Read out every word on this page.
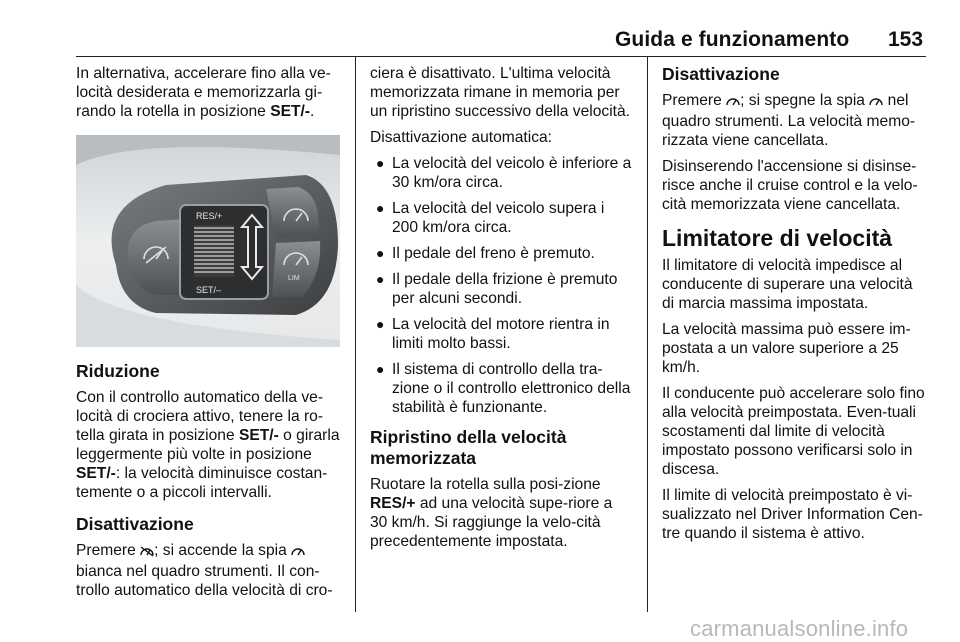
Guida e funzionamento 153

In alternativa, accelerare fino alla ve-locità desiderata e memorizzarla gi-rando la rotella in posizione SET/-.

RES/+
SET/–
LIM
Riduzione

Con il controllo automatico della ve-locità di crociera attivo, tenere la ro-tella girata in posizione SET/- o girarla leggermente più volte in posizione SET/-: la velocità diminuisce costan-temente o a piccoli intervalli.

Disattivazione

Premere ; si accende la spia  bianca nel quadro strumenti. Il con-trollo automatico della velocità di cro-

ciera è disattivato. L'ultima velocità memorizzata rimane in memoria per un ripristino successivo della velocità.

Disattivazione automatica:

● La velocità del veicolo è inferiore a 30 km/ora circa.
● La velocità del veicolo supera i 200 km/ora circa.
● Il pedale del freno è premuto.
● Il pedale della frizione è premuto per alcuni secondi.
● La velocità del motore rientra in limiti molto bassi.
● Il sistema di controllo della tra-zione o il controllo elettronico della stabilità è funzionante.
Ripristino della velocità memorizzata

Ruotare la rotella sulla posi-zione RES/+ ad una velocità supe-riore a 30 km/h. Si raggiunge la velo-cità precedentemente impostata.

Disattivazione

Premere ; si spegne la spia  nel quadro strumenti. La velocità memo-rizzata viene cancellata.

Disinserendo l'accensione si disinse-risce anche il cruise control e la velo-cità memorizzata viene cancellata.

Limitatore di velocità

Il limitatore di velocità impedisce al conducente di superare una velocità di marcia massima impostata.

La velocità massima può essere im-postata a un valore superiore a 25 km/h.

Il conducente può accelerare solo fino alla velocità preimpostata. Even-tuali scostamenti dal limite di velocità impostato possono verificarsi solo in discesa.

Il limite di velocità preimpostato è vi-sualizzato nel Driver Information Cen-tre quando il sistema è attivo.

carmanualsonline.info
